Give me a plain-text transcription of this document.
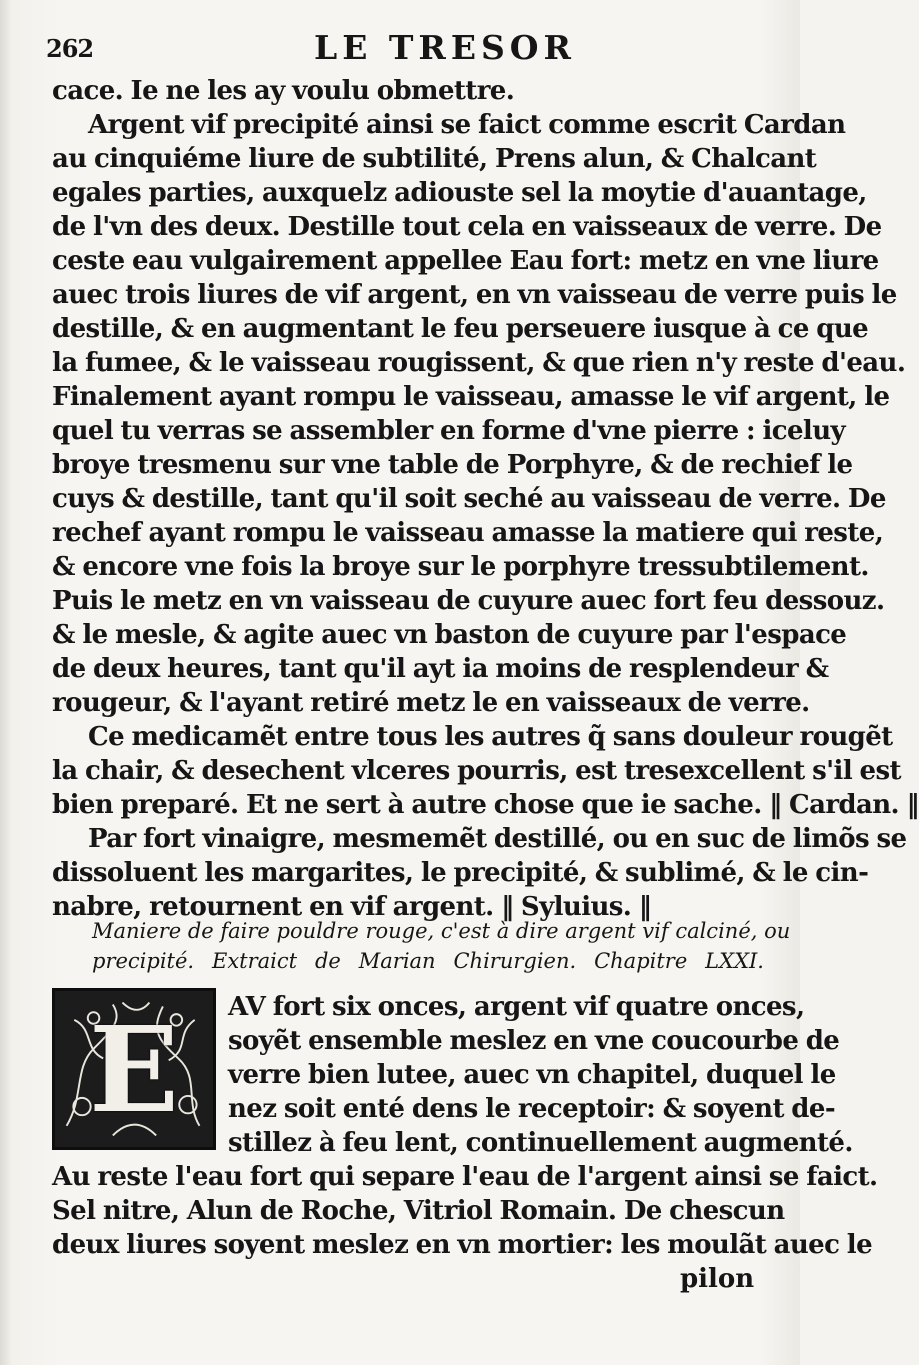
262	LE TRESOR
cace. Ie ne les ay voulu obmettre.
Argent vif precipité ainsi se faict comme escrit Cardan
au cinquiéme liure de subtilité, Prens alun, & Chalcant
egales parties, auxquelz adiouste sel la moytie d'auantage,
de l'vn des deux. Destille tout cela en vaisseaux de verre. De
ceste eau vulgairement appellee Eau fort: metz en vne liure
auec trois liures de vif argent, en vn vaisseau de verre puis le
destille, & en augmentant le feu perseuere iusque à ce que
la fumee, & le vaisseau rougissent, & que rien n'y reste d'eau.
Finalement ayant rompu le vaisseau, amasse le vif argent, le
quel tu verras se assembler en forme d'vne pierre : iceluy
broye tresmenu sur vne table de Porphyre, & de rechief le
cuys & destille, tant qu'il soit seché au vaisseau de verre. De
rechef ayant rompu le vaisseau amasse la matiere qui reste,
& encore vne fois la broye sur le porphyre tressubtilement.
Puis le metz en vn vaisseau de cuyure auec fort feu dessouz.
& le mesle, & agite auec vn baston de cuyure par l'espace
de deux heures, tant qu'il ayt ia moins de resplendeur &
rougeur, & l'ayant retiré metz le en vaisseaux de verre.
Ce medicamẽt entre tous les autres q̃ sans douleur rougẽt
la chair, & desechent vlceres pourris, est tresexcellent s'il est
bien preparé. Et ne sert à autre chose que ie sache. ‖ Cardan. ‖
Par fort vinaigre, mesmemẽt destillé, ou en suc de limõs se
dissoluent les margarites, le precipité, & sublimé, & le cin-
nabre, retournent en vif argent. ‖ Syluius. ‖
Maniere de faire pouldre rouge, c'est à dire argent vif calciné, ou
precipité. Extraict de Marian Chirurgien. Chapitre LXXI.
E	AV fort six onces, argent vif quatre onces,
soyẽt ensemble meslez en vne coucourbe de
verre bien lutee, auec vn chapitel, duquel le
nez soit enté dens le receptoir: & soyent de-
stillez à feu lent, continuellement augmenté.
Au reste l'eau fort qui separe l'eau de l'argent ainsi se faict.
Sel nitre, Alun de Roche, Vitriol Romain. De chescun
deux liures soyent meslez en vn mortier: les moulãt auec le
pilon
